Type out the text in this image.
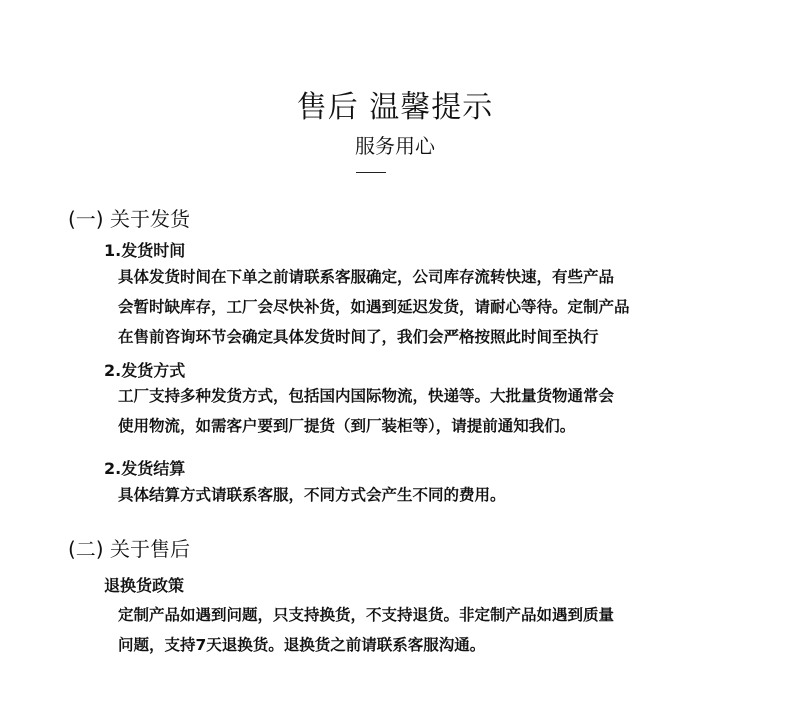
售后 温馨提示
服务用心
(一) 关于发货
1.发货时间
具体发货时间在下单之前请联系客服确定，公司库存流转快速，有些产品
会暂时缺库存，工厂会尽快补货，如遇到延迟发货，请耐心等待。定制产品
在售前咨询环节会确定具体发货时间了，我们会严格按照此时间至执行
2.发货方式
工厂支持多种发货方式，包括国内国际物流，快递等。大批量货物通常会
使用物流，如需客户要到厂提货（到厂装柜等），请提前通知我们。
2.发货结算
具体结算方式请联系客服，不同方式会产生不同的费用。
(二) 关于售后
退换货政策
定制产品如遇到问题，只支持换货，不支持退货。非定制产品如遇到质量
问题，支持7天退换货。退换货之前请联系客服沟通。
